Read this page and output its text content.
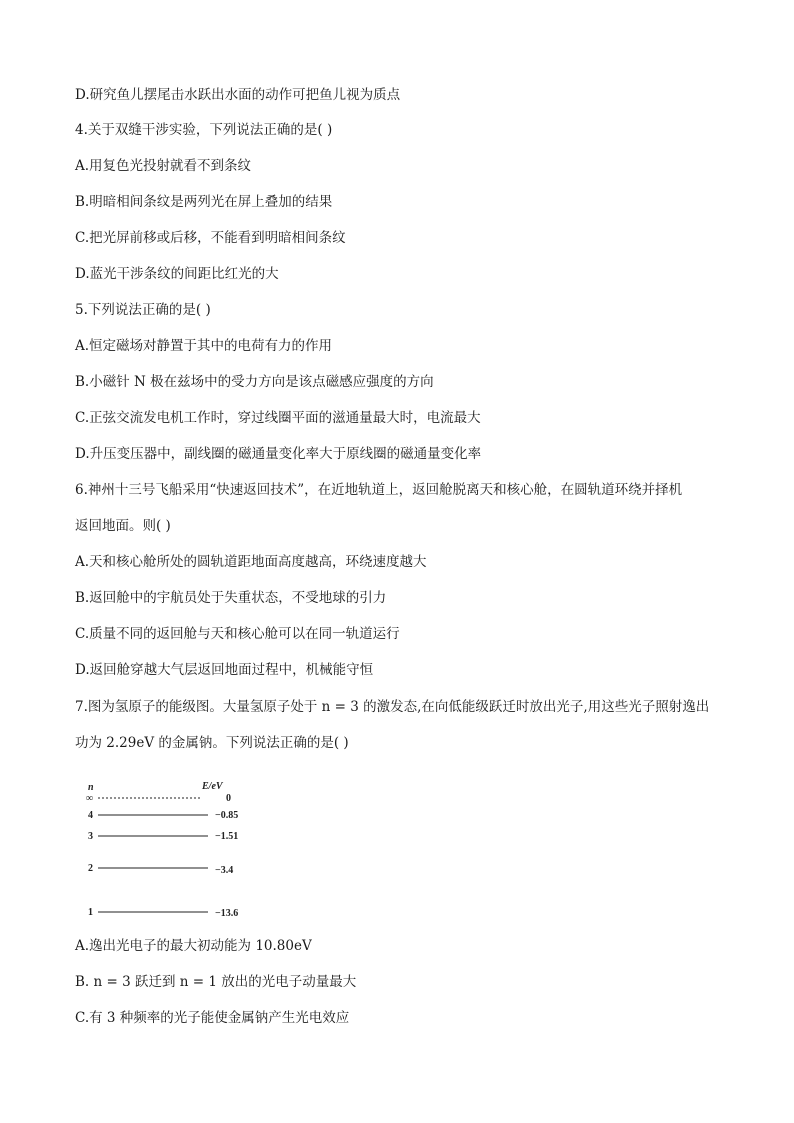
D.研究鱼儿摆尾击水跃出水面的动作可把鱼儿视为质点
4.关于双缝干涉实验，下列说法正确的是( )
A.用复色光投射就看不到条纹
B.明暗相间条纹是两列光在屏上叠加的结果
C.把光屏前移或后移，不能看到明暗相间条纹
D.蓝光干涉条纹的间距比红光的大
5.下列说法正确的是( )
A.恒定磁场对静置于其中的电荷有力的作用
B.小磁针 N 极在兹场中的受力方向是该点磁感应强度的方向
C.正弦交流发电机工作时，穿过线圈平面的滋通量最大时，电流最大
D.升压变压器中，副线圈的磁通量变化率大于原线圈的磁通量变化率
6.神州十三号飞船采用“快速返回技术”，在近地轨道上，返回舱脱离天和核心舱，在圆轨道环绕并择机
返回地面。则( )
A.天和核心舱所处的圆轨道距地面高度越高，环绕速度越大
B.返回舱中的宇航员处于失重状态，不受地球的引力
C.质量不同的返回舱与天和核心舱可以在同一轨道运行
D.返回舱穿越大气层返回地面过程中，机械能守恒
7.图为氢原子的能级图。大量氢原子处于 n = 3 的激发态,在向低能级跃迁时放出光子,用这些光子照射逸出
功为 2.29eV 的金属钠。下列说法正确的是( )
n	E/eV
∞	0
4	−0.85
3	−1.51
2	−3.4
1	−13.6
A.逸出光电子的最大初动能为 10.80eV
B. n = 3 跃迁到 n = 1 放出的光电子动量最大
C.有 3 种频率的光子能使金属钠产生光电效应
